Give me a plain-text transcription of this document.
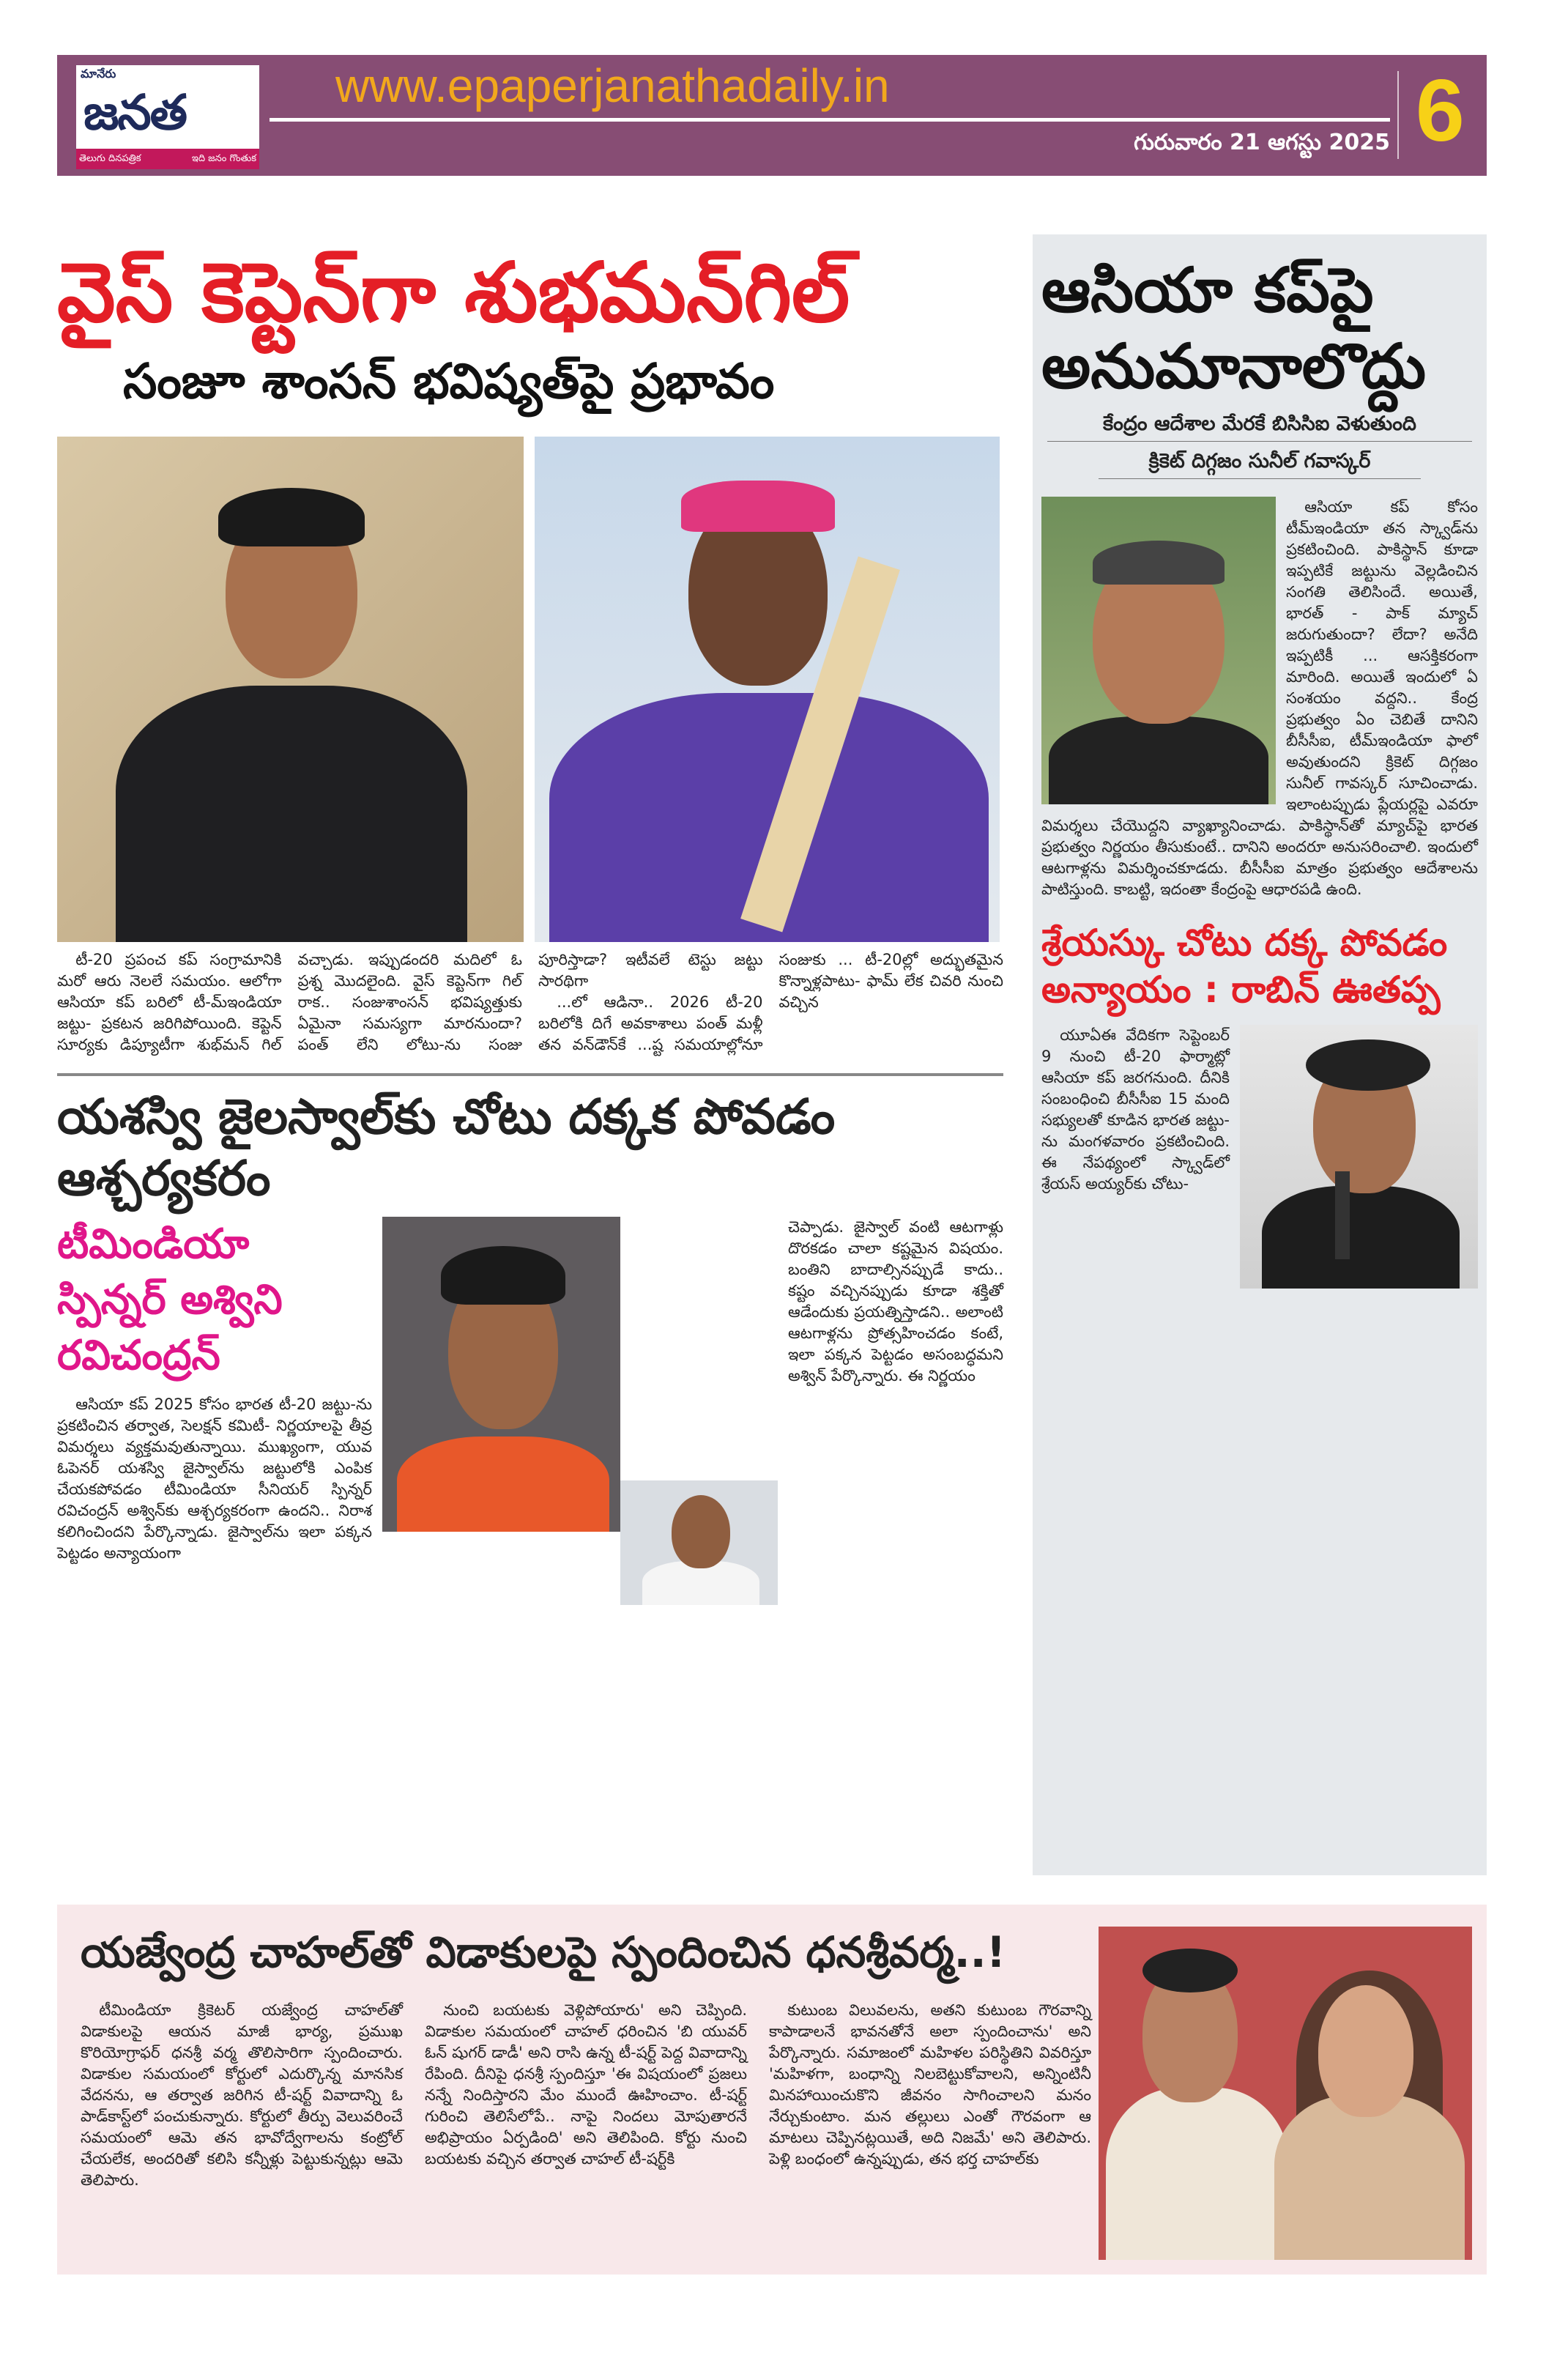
మానేరు
జనత
తెలుగు దినపత్రిక	ఇది జనం గొంతుక
www.epaperjanathadaily.in
గురువారం 21 ఆగస్టు 2025 6
వైస్ కెప్టెన్‌గా శుభమన్‌గిల్
సంజూ శాంసన్ భవిష్యత్‌పై ప్రభావం

టీ-20 ప్రపంచ కప్ సంగ్రామానికి మరో ఆరు నెలలే సమయం. ఆలోగా ఆసియా కప్ బరిలో టీ-మ్ఇండియా జట్టు- ప్రకటన జరిగిపోయింది. కెప్టెన్ సూర్యకు డిప్యూటీగా శుభ్‌మన్ గిల్ వచ్చాడు. ఇప్పుడందరి మదిలో ఓ ప్రశ్న మొదలైంది. వైస్ కెప్టెన్‌గా గిల్ రాక.. సంజుశాంసన్ భవిష్యత్తుకు ఏమైనా సమస్యగా మారనుందా? పంత్ లేని లోటు-ను సంజు పూరిస్తాడా? ఇటీవలే టెస్టు జట్టు సారథిగా

...లో ఆడినా.. 2026 టీ-20 బరిలోకి దిగే అవకాశాలు పంత్ మళ్లీ తన వన్‌డౌన్‌కే ...ష్ట సమయాల్లోనూ సంజుకు ... టీ-20ల్లో అద్భుతమైన కొన్నాళ్లపాటు- ఫామ్ లేక చివరి నుంచి వచ్చిన

యశస్వి జైలస్వాల్‌కు చోటు దక్కక పోవడం ఆశ్చర్యకరం
టీమిండియా స్పిన్నర్ అశ్విని రవిచంద్రన్

ఆసియా కప్ 2025 కోసం భారత టీ-20 జట్టు-ను ప్రకటించిన తర్వాత, సెలక్షన్ కమిటీ- నిర్ణయాలపై తీవ్ర విమర్శలు వ్యక్తమవుతున్నాయి. ముఖ్యంగా, యువ ఓపెనర్ యశస్వి జైస్వాల్‌ను జట్టులోకి ఎంపిక చేయకపోవడం టీమిండియా సీనియర్ స్పిన్నర్ రవిచంద్రన్ అశ్విన్‌కు ఆశ్చర్యకరంగా ఉందని.. నిరాశ కలిగించిందని పేర్కొన్నాడు. జైస్వాల్‌ను ఇలా పక్కన పెట్టడం అన్యాయంగా

చెప్పాడు. జైస్వాల్ వంటి ఆటగాళ్లు దొరకడం చాలా కష్టమైన విషయం. బంతిని బాదాల్సినప్పుడే కాదు.. కష్టం వచ్చినప్పుడు కూడా శక్తితో ఆడేందుకు ప్రయత్నిస్తాడని.. అలాంటి ఆటగాళ్లను ప్రోత్సహించడం కంటే, ఇలా పక్కన పెట్టడం అసంబద్ధమని అశ్విన్ పేర్కొన్నారు. ఈ నిర్ణయం

ఆసియా కప్‌పై అనుమానాలొద్దు
కేంద్రం ఆదేశాల మేరకే బిసిసిఐ వెళుతుంది
క్రికెట్ దిగ్గజం సునీల్ గవాస్కర్

ఆసియా కప్ కోసం టీమ్ఇండియా తన స్క్వాడ్‌ను ప్రకటించింది. పాకిస్థాన్ కూడా ఇప్పటికే జట్టును వెల్లడించిన సంగతి తెలిసిందే. అయితే, భారత్ - పాక్ మ్యాచ్ జరుగుతుందా? లేదా? అనేది ఇప్పటికీ ... ఆసక్తికరంగా మారింది. అయితే ఇందులో ఏ సంశయం వద్దని.. కేంద్ర ప్రభుత్వం ఏం చెబితే దానిని బీసీసీఐ, టీమ్ఇండియా ఫాలో అవుతుందని క్రికెట్ దిగ్గజం సునీల్ గావస్కర్ సూచించాడు. ఇలాంటప్పుడు ప్లేయర్లపై ఎవరూ విమర్శలు చేయొద్దని వ్యాఖ్యానించాడు. పాకిస్థాన్‌తో మ్యాచ్‌పై భారత ప్రభుత్వం నిర్ణయం తీసుకుంటే.. దానిని అందరూ అనుసరించాలి. ఇందులో ఆటగాళ్లను విమర్శించకూడదు. బీసీసీఐ మాత్రం ప్రభుత్వం ఆదేశాలను పాటిస్తుంది. కాబట్టి, ఇదంతా కేంద్రంపై ఆధారపడి ఉంది.

శ్రేయస్కు చోటు దక్క పోవడం అన్యాయం : రాబిన్ ఊతప్ప

యూఏఈ వేదికగా సెప్టెంబర్ 9 నుంచి టీ-20 ఫార్మాట్లో ఆసియా కప్ జరగనుంది. దీనికి సంబంధించి బీసీసీఐ 15 మంది సభ్యులతో కూడిన భారత జట్టు-ను మంగళవారం ప్రకటించింది. ఈ నేపథ్యంలో స్క్వాడ్‌లో శ్రేయస్ అయ్యర్‌కు చోటు-

యజ్వేంద్ర చాహల్‌తో విడాకులపై స్పందించిన ధనశ్రీవర్మ..!

టీమిండియా క్రికెటర్ యజ్వేంద్ర చాహల్‌తో విడాకులపై ఆయన మాజీ భార్య, ప్రముఖ కొరియోగ్రాఫర్ ధనశ్రీ వర్మ తొలిసారిగా స్పందించారు. విడాకుల సమయంలో కోర్టులో ఎదుర్కొన్న మానసిక వేదనను, ఆ తర్వాత జరిగిన టీ-షర్ట్ వివాదాన్ని ఓ పాడ్‌కాస్ట్‌లో పంచుకున్నారు. కోర్టులో తీర్పు వెలువరించే సమయంలో ఆమె తన భావోద్వేగాలను కంట్రోల్ చేయలేక, అందరితో కలిసి కన్నీళ్లు పెట్టుకున్నట్లు ఆమె తెలిపారు.

నుంచి బయటకు వెళ్లిపోయారు' అని చెప్పింది. విడాకుల సమయంలో చాహల్ ధరించిన 'బి యువర్ ఓన్ షుగర్ డాడీ' అని రాసి ఉన్న టీ-షర్ట్ పెద్ద వివాదాన్ని రేపింది. దీనిపై ధనశ్రీ స్పందిస్తూ 'ఈ విషయంలో ప్రజలు నన్నే నిందిస్తారని మేం ముందే ఊహించాం. టీ-షర్ట్ గురించి తెలిసేలోపే.. నాపై నిందలు మోపుతారనే అభిప్రాయం ఏర్పడింది' అని తెలిపింది. కోర్టు నుంచి బయటకు వచ్చిన తర్వాత చాహల్ టీ-షర్ట్‌కి

కుటుంబ విలువలను, అతని కుటుంబ గౌరవాన్ని కాపాడాలనే భావనతోనే అలా స్పందించాను' అని పేర్కొన్నారు. సమాజంలో మహిళల పరిస్థితిని వివరిస్తూ 'మహిళగా, బంధాన్ని నిలబెట్టుకోవాలని, అన్నింటినీ మినహాయించుకొని జీవనం సాగించాలని మనం నేర్చుకుంటాం. మన తల్లులు ఎంతో గౌరవంగా ఆ మాటలు చెప్పినట్లయితే, అది నిజమే' అని తెలిపారు. పెళ్లి బంధంలో ఉన్నప్పుడు, తన భర్త చాహల్‌కు
